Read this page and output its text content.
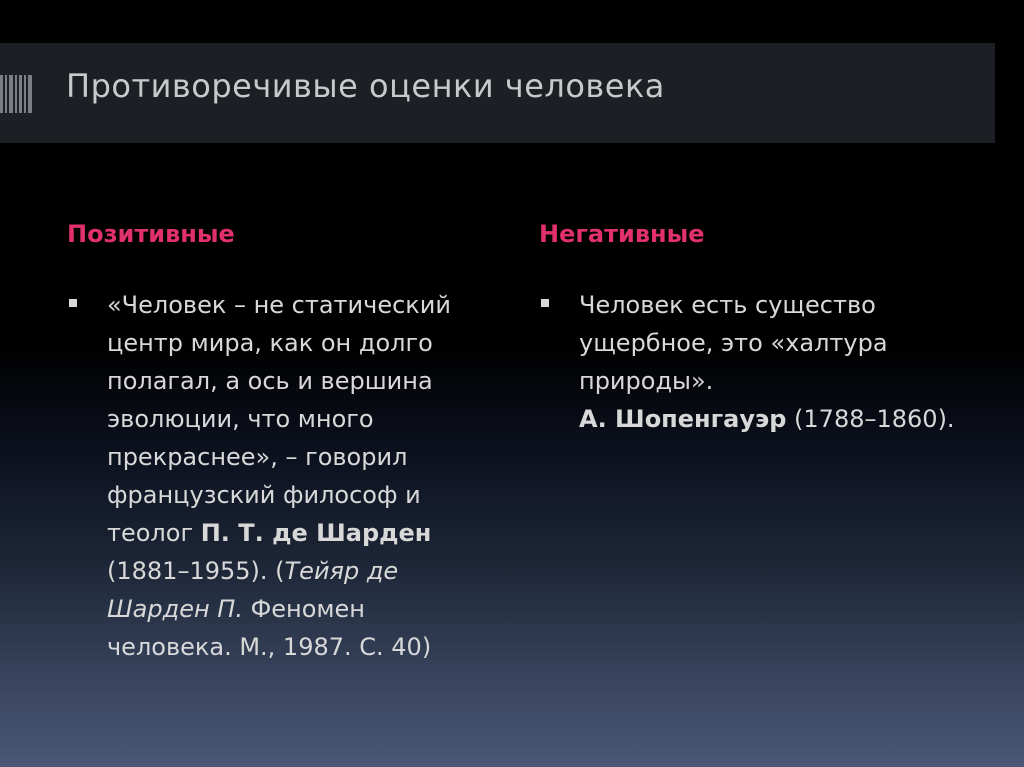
Противоречивые оценки человека
Позитивные
«Человек – не статический центр мира, как он долго полагал, а ось и вершина эволюции, что много прекраснее», – говорил французский философ и теолог П. Т. де Шарден (1881–1955). (Тейяр де Шарден П. Феномен человека. М., 1987. С. 40)
Негативные
Человек есть существо ущербное, это «халтура природы».
А. Шопенгауэр (1788–1860).
